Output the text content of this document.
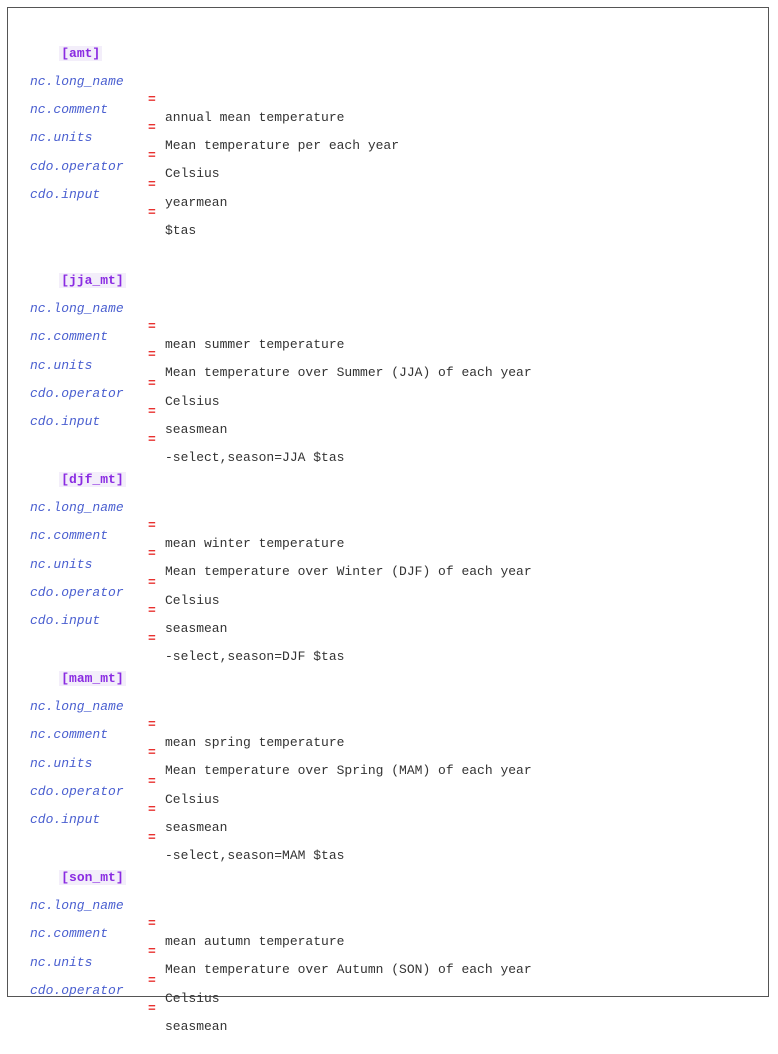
[amt]

nc.long_name

=

annual mean temperature

nc.comment

=

Mean temperature per each year

nc.units

=

Celsius

cdo.operator

=

yearmean

cdo.input

=

$tas

[jja_mt]

nc.long_name

=

mean summer temperature

nc.comment

=

Mean temperature over Summer (JJA) of each year

nc.units

=

Celsius

cdo.operator

=

seasmean

cdo.input

=

-select,season=JJA $tas

[djf_mt]

nc.long_name

=

mean winter temperature

nc.comment

=

Mean temperature over Winter (DJF) of each year

nc.units

=

Celsius

cdo.operator

=

seasmean

cdo.input

=

-select,season=DJF $tas

[mam_mt]

nc.long_name

=

mean spring temperature

nc.comment

=

Mean temperature over Spring (MAM) of each year

nc.units

=

Celsius

cdo.operator

=

seasmean

cdo.input

=

-select,season=MAM $tas

[son_mt]

nc.long_name

=

mean autumn temperature

nc.comment

=

Mean temperature over Autumn (SON) of each year

nc.units

=

Celsius

cdo.operator

=

seasmean
